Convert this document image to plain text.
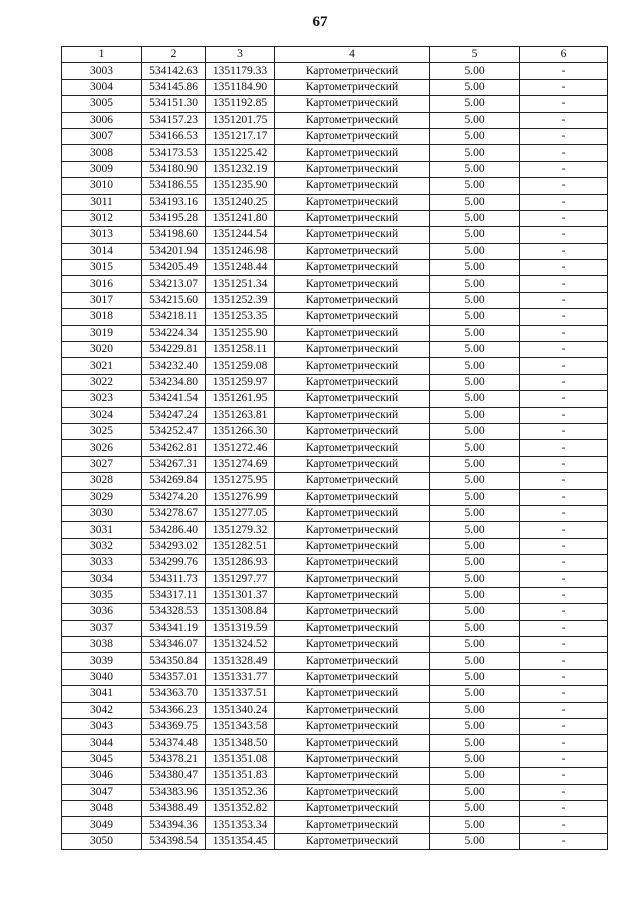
67
1	2	3	4	5	6
3003	534142.63	1351179.33	Картометрический	5.00	-
3004	534145.86	1351184.90	Картометрический	5.00	-
3005	534151.30	1351192.85	Картометрический	5.00	-
3006	534157.23	1351201.75	Картометрический	5.00	-
3007	534166.53	1351217.17	Картометрический	5.00	-
3008	534173.53	1351225.42	Картометрический	5.00	-
3009	534180.90	1351232.19	Картометрический	5.00	-
3010	534186.55	1351235.90	Картометрический	5.00	-
3011	534193.16	1351240.25	Картометрический	5.00	-
3012	534195.28	1351241.80	Картометрический	5.00	-
3013	534198.60	1351244.54	Картометрический	5.00	-
3014	534201.94	1351246.98	Картометрический	5.00	-
3015	534205.49	1351248.44	Картометрический	5.00	-
3016	534213.07	1351251.34	Картометрический	5.00	-
3017	534215.60	1351252.39	Картометрический	5.00	-
3018	534218.11	1351253.35	Картометрический	5.00	-
3019	534224.34	1351255.90	Картометрический	5.00	-
3020	534229.81	1351258.11	Картометрический	5.00	-
3021	534232.40	1351259.08	Картометрический	5.00	-
3022	534234.80	1351259.97	Картометрический	5.00	-
3023	534241.54	1351261.95	Картометрический	5.00	-
3024	534247.24	1351263.81	Картометрический	5.00	-
3025	534252.47	1351266.30	Картометрический	5.00	-
3026	534262.81	1351272.46	Картометрический	5.00	-
3027	534267.31	1351274.69	Картометрический	5.00	-
3028	534269.84	1351275.95	Картометрический	5.00	-
3029	534274.20	1351276.99	Картометрический	5.00	-
3030	534278.67	1351277.05	Картометрический	5.00	-
3031	534286.40	1351279.32	Картометрический	5.00	-
3032	534293.02	1351282.51	Картометрический	5.00	-
3033	534299.76	1351286.93	Картометрический	5.00	-
3034	534311.73	1351297.77	Картометрический	5.00	-
3035	534317.11	1351301.37	Картометрический	5.00	-
3036	534328.53	1351308.84	Картометрический	5.00	-
3037	534341.19	1351319.59	Картометрический	5.00	-
3038	534346.07	1351324.52	Картометрический	5.00	-
3039	534350.84	1351328.49	Картометрический	5.00	-
3040	534357.01	1351331.77	Картометрический	5.00	-
3041	534363.70	1351337.51	Картометрический	5.00	-
3042	534366.23	1351340.24	Картометрический	5.00	-
3043	534369.75	1351343.58	Картометрический	5.00	-
3044	534374.48	1351348.50	Картометрический	5.00	-
3045	534378.21	1351351.08	Картометрический	5.00	-
3046	534380.47	1351351.83	Картометрический	5.00	-
3047	534383.96	1351352.36	Картометрический	5.00	-
3048	534388.49	1351352.82	Картометрический	5.00	-
3049	534394.36	1351353.34	Картометрический	5.00	-
3050	534398.54	1351354.45	Картометрический	5.00	-
